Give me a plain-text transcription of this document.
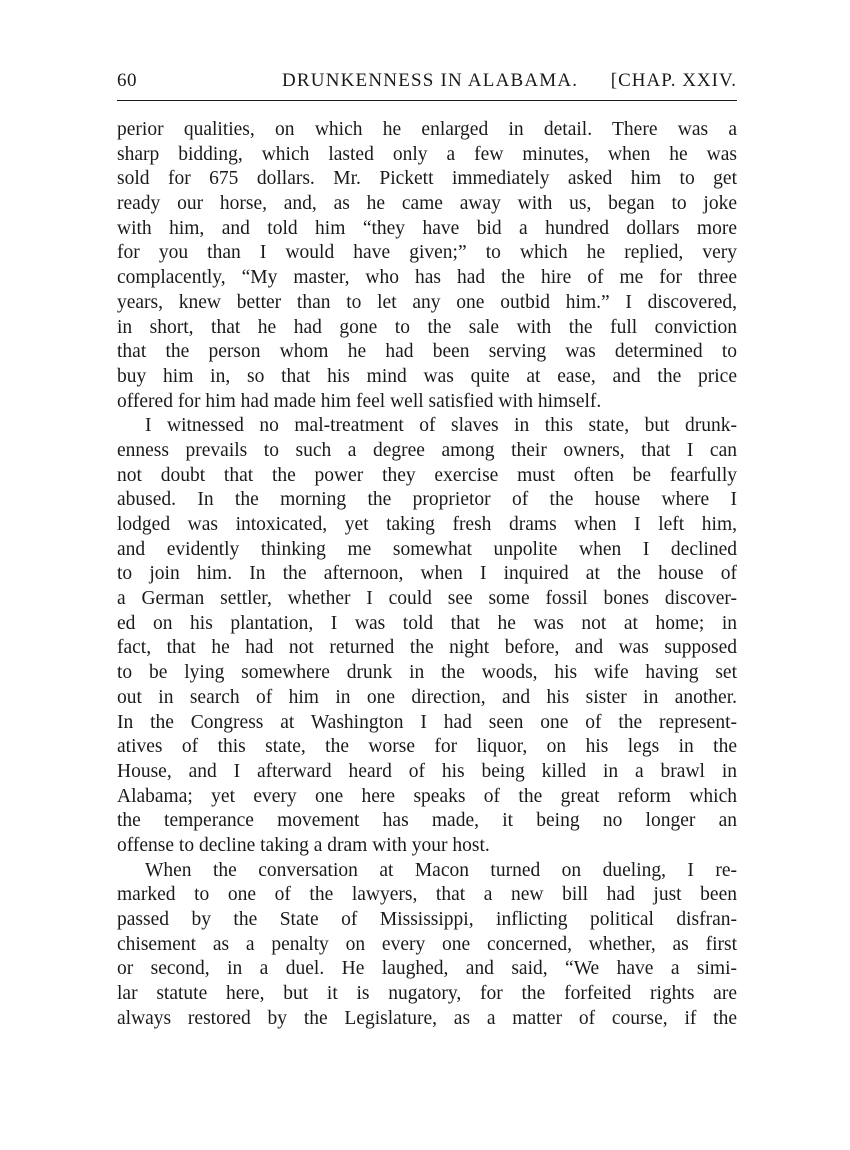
60	DRUNKENNESS IN ALABAMA. [CHAP. XXIV.
perior qualities, on which he enlarged in detail. There was a
sharp bidding, which lasted only a few minutes, when he was
sold for 675 dollars. Mr. Pickett immediately asked him to get
ready our horse, and, as he came away with us, began to joke
with him, and told him “they have bid a hundred dollars more
for you than I would have given;” to which he replied, very
complacently, “My master, who has had the hire of me for three
years, knew better than to let any one outbid him.” I discovered,
in short, that he had gone to the sale with the full conviction
that the person whom he had been serving was determined to
buy him in, so that his mind was quite at ease, and the price
offered for him had made him feel well satisfied with himself.
I witnessed no mal-treatment of slaves in this state, but drunk-
enness prevails to such a degree among their owners, that I can
not doubt that the power they exercise must often be fearfully
abused. In the morning the proprietor of the house where I
lodged was intoxicated, yet taking fresh drams when I left him,
and evidently thinking me somewhat unpolite when I declined
to join him. In the afternoon, when I inquired at the house of
a German settler, whether I could see some fossil bones discover-
ed on his plantation, I was told that he was not at home; in
fact, that he had not returned the night before, and was supposed
to be lying somewhere drunk in the woods, his wife having set
out in search of him in one direction, and his sister in another.
In the Congress at Washington I had seen one of the represent-
atives of this state, the worse for liquor, on his legs in the
House, and I afterward heard of his being killed in a brawl in
Alabama; yet every one here speaks of the great reform which
the temperance movement has made, it being no longer an
offense to decline taking a dram with your host.
When the conversation at Macon turned on dueling, I re-
marked to one of the lawyers, that a new bill had just been
passed by the State of Mississippi, inflicting political disfran-
chisement as a penalty on every one concerned, whether, as first
or second, in a duel. He laughed, and said, “We have a simi-
lar statute here, but it is nugatory, for the forfeited rights are
always restored by the Legislature, as a matter of course, if the
